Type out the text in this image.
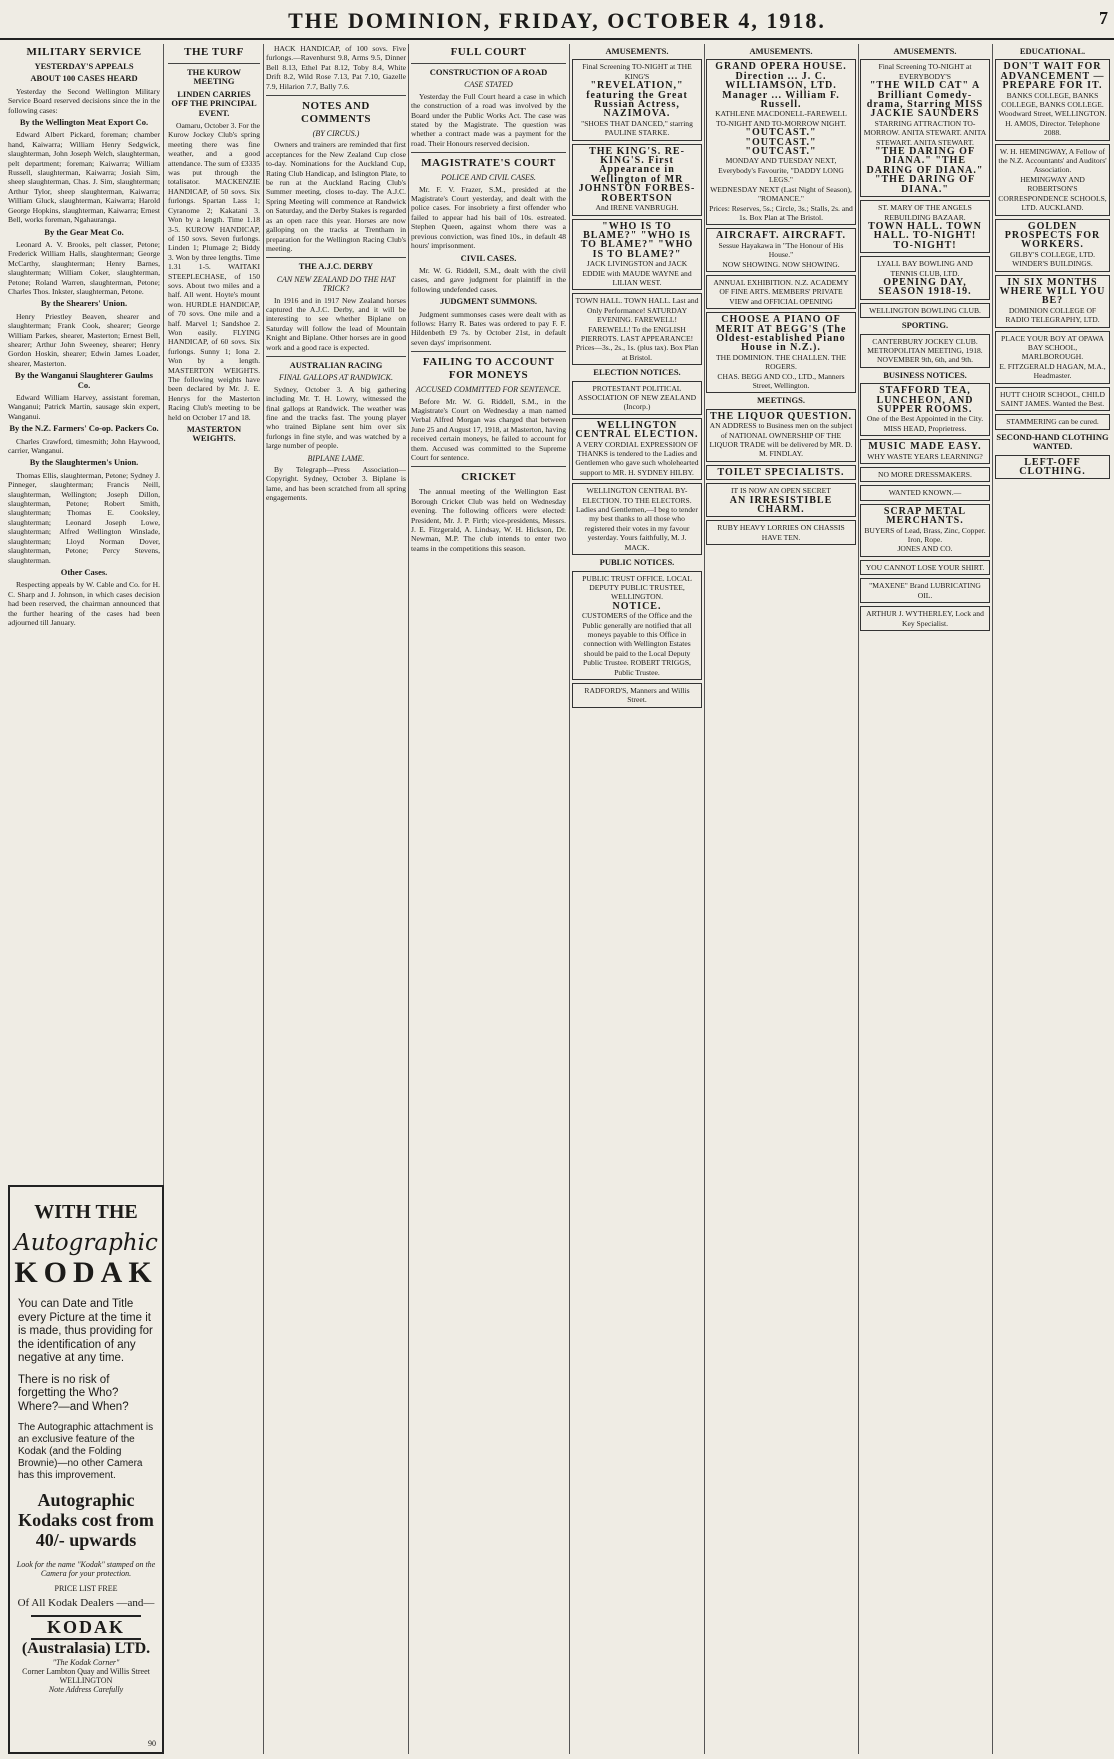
THE DOMINION, FRIDAY, OCTOBER 4, 1918.	7
MILITARY SERVICE
YESTERDAY'S APPEALS
ABOUT 100 CASES HEARD

Yesterday the Second Wellington Military Service Board reserved decisions since the in the following cases:

By the Wellington Meat Export Co.

Edward Albert Pickard, foreman; chamber hand, Kaiwarra; William Henry Sedgwick, slaughterman, John Joseph Welch, slaughterman, pelt department; foreman; Kaiwarra; William Russell, slaughterman, Kaiwarra; Josiah Sim, sheep slaughterman, Chas. J. Sim, slaughterman; Arthur Tylor, sheep slaughterman, Kaiwarra; William Gluck, slaughterman, Kaiwarra; Harold George Hopkins, slaughterman, Kaiwarra; Ernest Bell, works foreman, Ngahauranga.

By the Gear Meat Co.

Leonard A. V. Brooks, pelt classer, Petone; Frederick William Halls, slaughterman; George McCarthy, slaughterman; Henry Barnes, slaughterman; William Coker, slaughterman, Petone; Roland Warren, slaughterman, Petone; Charles Thos. Inkster, slaughterman, Petone.

By the Shearers' Union.

Henry Priestley Beaven, shearer and slaughterman; Frank Cook, shearer; George William Parkes, shearer, Masterton; Ernest Bell, shearer; Arthur John Sweeney, shearer; Henry Gordon Hoskin, shearer; Edwin James Loader, shearer, Masterton.

By the Wanganui Slaughterer Gaulms Co.

Edward William Harvey, assistant foreman, Wanganui; Patrick Martin, sausage skin expert, Wanganui.

By the N.Z. Farmers' Co-op. Packers Co.

Charles Crawford, timesmith; John Haywood, carrier, Wanganui.

By the Slaughtermen's Union.

Thomas Ellis, slaughterman, Petone; Sydney J. Pinneger, slaughterman; Francis Neill, slaughterman, Wellington; Joseph Dillon, slaughterman, Petone; Robert Smith, slaughterman; Thomas E. Cooksley, slaughterman; Leonard Joseph Lowe, slaughterman; Alfred Wellington Winslade, slaughterman; Lloyd Norman Dover, slaughterman, Petone; Percy Stevens, slaughterman.

Other Cases.

Respecting appeals by W. Cable and Co. for H. C. Sharp and J. Johnson, in which cases decision had been reserved, the chairman announced that the further hearing of the cases had been adjourned till January.

WITH THE
Autographic
KODAK
You can Date and Title every Picture at the time it is made, thus providing for the identification of any negative at any time.
There is no risk of forgetting the Who? Where?—and When?
The Autographic attachment is an exclusive feature of the Kodak (and the Folding Brownie)—no other Camera has this improvement.
Autographic Kodaks cost from 40/- upwards
Look for the name "Kodak" stamped on the Camera for your protection.
PRICE LIST FREE
Of All Kodak Dealers —and—
KODAK
(Australasia) LTD.
"The Kodak Corner"
Corner Lambton Quay and Willis Street WELLINGTON
Note Address Carefully
90
THE TURF
THE KUROW MEETING
LINDEN CARRIES OFF THE PRINCIPAL EVENT.

Oamaru, October 3. For the Kurow Jockey Club's spring meeting there was fine weather, and a good attendance. The sum of £3335 was put through the totalisator. MACKENZIE HANDICAP, of 50 sovs. Six furlongs. Spartan Lass 1; Cyranome 2; Kakatani 3. Won by a length. Time 1.18 3-5. KUROW HANDICAP, of 150 sovs. Seven furlongs. Linden 1; Plumage 2; Biddy 3. Won by three lengths. Time 1.31 1-5. WAITAKI STEEPLECHASE, of 150 sovs. About two miles and a half. All went. Hoyte's mount won. HURDLE HANDICAP, of 70 sovs. One mile and a half. Marvel 1; Sandshoe 2. Won easily. FLYING HANDICAP, of 60 sovs. Six furlongs. Sunny 1; Iona 2. Won by a length. MASTERTON WEIGHTS. The following weights have been declared by Mr. J. E. Henrys for the Masterton Racing Club's meeting to be held on October 17 and 18.

MASTERTON WEIGHTS.

HACK HANDICAP, of 100 sovs. Five furlongs.—Ravenhurst 9.8, Arms 9.5, Dinner Bell 8.13, Ethel Pat 8.12, Toby 8.4, White Drift 8.2, Wild Rose 7.13, Pat 7.10, Gazelle 7.9, Hilarion 7.7, Bally 7.6.

NOTES AND COMMENTS
(BY CIRCUS.)

Owners and trainers are reminded that first acceptances for the New Zealand Cup close to-day. Nominations for the Auckland Cup, Rating Club Handicap, and Islington Plate, to be run at the Auckland Racing Club's Summer meeting, closes to-day. The A.J.C. Spring Meeting will commence at Randwick on Saturday, and the Derby Stakes is regarded as an open race this year. Horses are now galloping on the tracks at Trentham in preparation for the Wellington Racing Club's meeting.

THE A.J.C. DERBY
CAN NEW ZEALAND DO THE HAT TRICK?

In 1916 and in 1917 New Zealand horses captured the A.J.C. Derby, and it will be interesting to see whether Biplane on Saturday will follow the lead of Mountain Knight and Biplane. Other horses are in good work and a good race is expected.

AUSTRALIAN RACING
FINAL GALLOPS AT RANDWICK.

Sydney, October 3. A big gathering including Mr. T. H. Lowry, witnessed the final gallops at Randwick. The weather was fine and the tracks fast. The young player who trained Biplane sent him over six furlongs in fine style, and was watched by a large number of people.

BIPLANE LAME.

By Telegraph—Press Association—Copyright. Sydney, October 3. Biplane is lame, and has been scratched from all spring engagements.

FULL COURT
CONSTRUCTION OF A ROAD
CASE STATED

Yesterday the Full Court heard a case in which the construction of a road was involved by the Board under the Public Works Act. The case was stated by the Magistrate. The question was whether a contract made was a payment for the road. Their Honours reserved decision.

MAGISTRATE'S COURT
POLICE AND CIVIL CASES.

Mr. F. V. Frazer, S.M., presided at the Magistrate's Court yesterday, and dealt with the police cases. For insobriety a first offender who failed to appear had his bail of 10s. estreated. Stephen Queen, against whom there was a previous conviction, was fined 10s., in default 48 hours' imprisonment.

CIVIL CASES.

Mr. W. G. Riddell, S.M., dealt with the civil cases, and gave judgment for plaintiff in the following undefended cases.

JUDGMENT SUMMONS.

Judgment summonses cases were dealt with as follows: Harry R. Bates was ordered to pay F. F. Hildenbeth £9 7s. by October 21st, in default seven days' imprisonment.

FAILING TO ACCOUNT FOR MONEYS
ACCUSED COMMITTED FOR SENTENCE.

Before Mr. W. G. Riddell, S.M., in the Magistrate's Court on Wednesday a man named Verbal Alfred Morgan was charged that between June 25 and August 17, 1918, at Masterton, having received certain moneys, he failed to account for them. Accused was committed to the Supreme Court for sentence.

CRICKET

The annual meeting of the Wellington East Borough Cricket Club was held on Wednesday evening. The following officers were elected: President, Mr. J. P. Firth; vice-presidents, Messrs. J. E. Fitzgerald, A. Lindsay, W. H. Hickson, Dr. Newman, M.P. The club intends to enter two teams in the competitions this season.

AMUSEMENTS.
Final Screening TO-NIGHT at THE KING'S
"REVELATION," featuring the Great Russian Actress, NAZIMOVA.
"SHOES THAT DANCED," starring PAULINE STARKE.
THE KING'S. RE-KING'S. First Appearance in Wellington of MR JOHNSTON FORBES-ROBERTSON
And IRENE VANBRUGH.
"WHO IS TO BLAME?" "WHO IS TO BLAME?" "WHO IS TO BLAME?"
JACK LIVINGSTON and JACK EDDIE with MAUDE WAYNE and LILIAN WEST.
TOWN HALL. TOWN HALL. Last and Only Performance! SATURDAY EVENING. FAREWELL! FAREWELL! To the ENGLISH PIERROTS. LAST APPEARANCE! Prices—3s., 2s., 1s. (plus tax). Box Plan at Bristol.
ELECTION NOTICES.
PROTESTANT POLITICAL ASSOCIATION OF NEW ZEALAND (Incorp.)
WELLINGTON CENTRAL ELECTION.
A VERY CORDIAL EXPRESSION OF THANKS is tendered to the Ladies and Gentlemen who gave such wholehearted support to MR. H. SYDNEY HILBY.
WELLINGTON CENTRAL BY-ELECTION. TO THE ELECTORS.
Ladies and Gentlemen,—I beg to tender my best thanks to all those who registered their votes in my favour yesterday. Yours faithfully, M. J. MACK.
PUBLIC NOTICES.
PUBLIC TRUST OFFICE. LOCAL DEPUTY PUBLIC TRUSTEE, WELLINGTON.
NOTICE.
CUSTOMERS of the Office and the Public generally are notified that all moneys payable to this Office in connection with Wellington Estates should be paid to the Local Deputy Public Trustee. ROBERT TRIGGS, Public Trustee.
RADFORD'S, Manners and Willis Street.
AMUSEMENTS.
GRAND OPERA HOUSE. Direction ... J. C. WILLIAMSON, LTD. Manager ... William F. Russell.
KATHLENE MACDONELL-FAREWELL TO-NIGHT AND TO-MORROW NIGHT.
"OUTCAST." "OUTCAST." "OUTCAST."
MONDAY AND TUESDAY NEXT, Everybody's Favourite, "DADDY LONG LEGS."
WEDNESDAY NEXT (Last Night of Season), "ROMANCE."
Prices: Reserves, 5s.; Circle, 3s.; Stalls, 2s. and 1s. Box Plan at The Bristol.
AIRCRAFT. AIRCRAFT.
Sessue Hayakawa in "The Honour of His House."
NOW SHOWING. NOW SHOWING.
ANNUAL EXHIBITION. N.Z. ACADEMY OF FINE ARTS. MEMBERS' PRIVATE VIEW and OFFICIAL OPENING
CHOOSE A PIANO OF MERIT AT BEGG'S (The Oldest-established Piano House in N.Z.).
THE DOMINION. THE CHALLEN. THE ROGERS.
CHAS. BEGG AND CO., LTD., Manners Street, Wellington.
MEETINGS.
THE LIQUOR QUESTION.
AN ADDRESS to Business men on the subject of NATIONAL OWNERSHIP OF THE LIQUOR TRADE will be delivered by MR. D. M. FINDLAY.
TOILET SPECIALISTS.
IT IS NOW AN OPEN SECRET
AN IRRESISTIBLE CHARM.
RUBY HEAVY LORRIES ON CHASSIS HAVE TEN.
AMUSEMENTS.
Final Screening TO-NIGHT at EVERYBODY'S
"THE WILD CAT" A Brilliant Comedy-drama, Starring MISS JACKIE SAUNDERS
STARRING ATTRACTION TO-MORROW. ANITA STEWART. ANITA STEWART. ANITA STEWART.
"THE DARING OF DIANA." "THE DARING OF DIANA." "THE DARING OF DIANA."
ST. MARY OF THE ANGELS REBUILDING BAZAAR.
TOWN HALL. TOWN HALL. TO-NIGHT! TO-NIGHT!
LYALL BAY BOWLING AND TENNIS CLUB, LTD.
OPENING DAY, SEASON 1918-19.
WELLINGTON BOWLING CLUB.
SPORTING.
CANTERBURY JOCKEY CLUB. METROPOLITAN MEETING, 1918. NOVEMBER 9th, 6th, and 9th.
BUSINESS NOTICES.
STAFFORD TEA, LUNCHEON, AND SUPPER ROOMS.
One of the Best Appointed in the City.
MISS HEAD, Proprietress.
MUSIC MADE EASY.
WHY WASTE YEARS LEARNING?
NO MORE DRESSMAKERS.
WANTED KNOWN.—
SCRAP METAL MERCHANTS.
BUYERS of Lead, Brass, Zinc, Copper. Iron, Rope.
JONES AND CO.
YOU CANNOT LOSE YOUR SHIRT.
"MAXENE" Brand LUBRICATING OIL.
ARTHUR J. WYTHERLEY, Lock and Key Specialist.
EDUCATIONAL.
DON'T WAIT FOR ADVANCEMENT —PREPARE FOR IT.
BANKS COLLEGE, BANKS COLLEGE, BANKS COLLEGE.
Woodward Street, WELLINGTON.
H. AMOS, Director. Telephone 2088.
W. H. HEMINGWAY, A Fellow of the N.Z. Accountants' and Auditors' Association.
HEMINGWAY AND ROBERTSON'S CORRESPONDENCE SCHOOLS, LTD. AUCKLAND.
GOLDEN PROSPECTS FOR WORKERS.
GILBY'S COLLEGE, LTD. WINDER'S BUILDINGS.
IN SIX MONTHS WHERE WILL YOU BE?
DOMINION COLLEGE OF RADIO TELEGRAPHY, LTD.
PLACE YOUR BOY AT OPAWA BAY SCHOOL, MARLBOROUGH.
E. FITZGERALD HAGAN, M.A., Headmaster.
HUTT CHOIR SCHOOL, CHILD SAINT JAMES. Wanted the Best.
STAMMERING can be cured.
SECOND-HAND CLOTHING WANTED.
LEFT-OFF CLOTHING.
